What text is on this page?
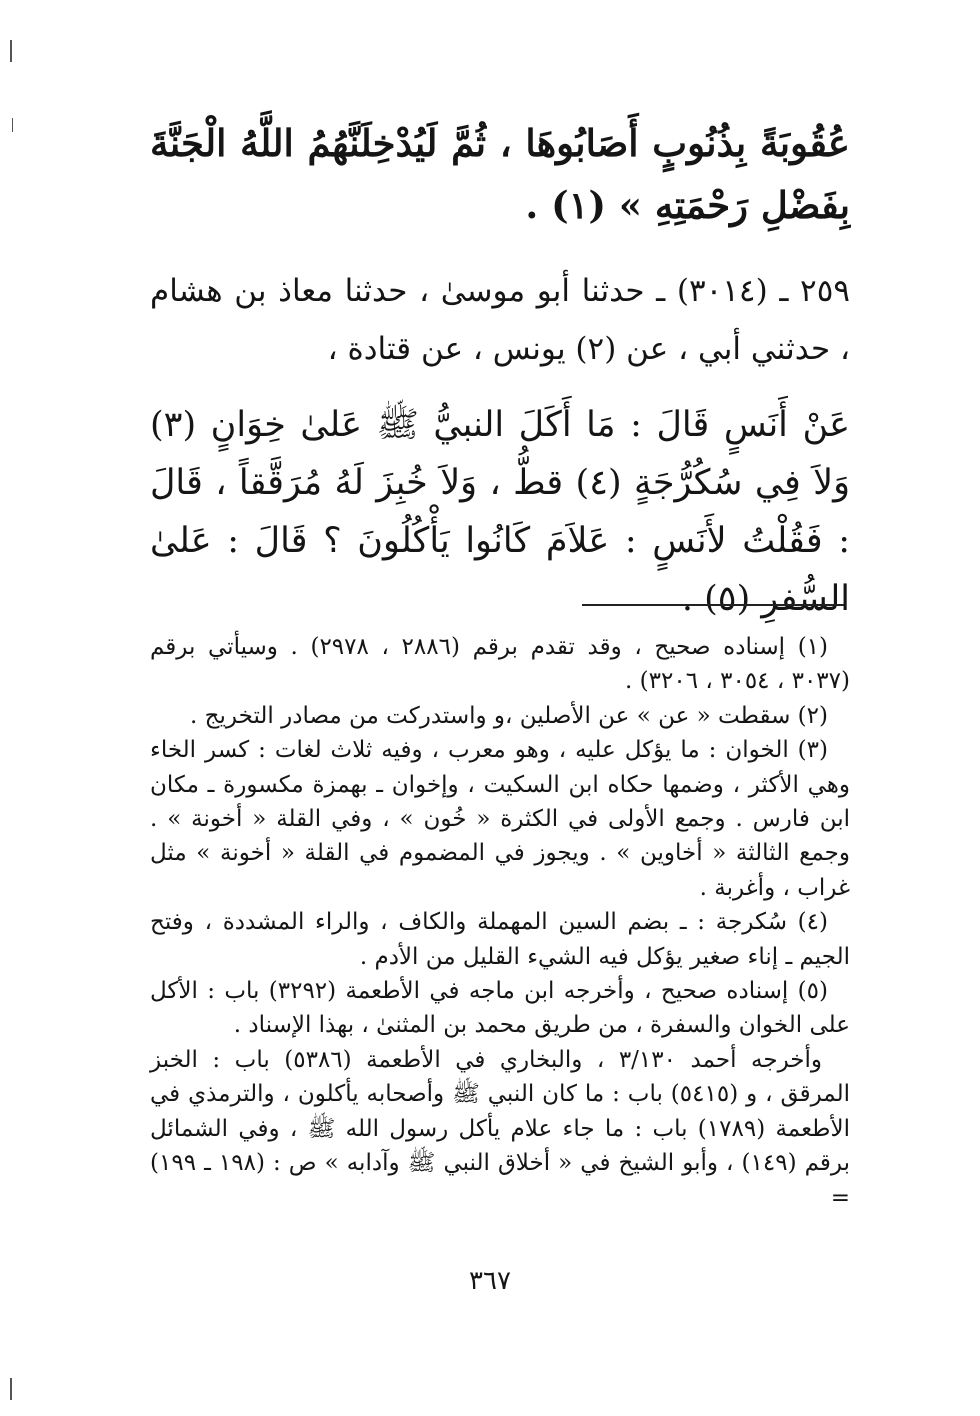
عُقُوبَةً بِذُنُوبٍ أَصَابُوهَا ، ثُمَّ لَيُدْخِلَنَّهُمُ اللَّهُ الْجَنَّةَ بِفَضْلِ رَحْمَتِهِ » (١) .
٢٥٩ ـ (٣٠١٤) ـ حدثنا أبو موسىٰ ، حدثنا معاذ بن هشام ، حدثني أبي ، عن (٢) يونس ، عن قتادة ،
عَنْ أَنَسٍ قَالَ : مَا أَكَلَ النبيُّ ﷺ عَلىٰ خِوَانٍ (٣) وَلاَ فِي سُكُرُّجَةٍ (٤) قطُّ ، وَلاَ خُبِزَ لَهُ مُرَقَّقاً ، قَالَ : فَقُلْتُ لأَنَسٍ : عَلاَمَ كَانُوا يَأْكُلُونَ ؟ قَالَ : عَلىٰ السُّفرِ (٥) .

(١) إسناده صحيح ، وقد تقدم برقم (٢٨٨٦ ، ٢٩٧٨) . وسيأتي برقم (٣٠٣٧ ، ٣٠٥٤ ، ٣٢٠٦) .

(٢) سقطت « عن » عن الأصلين ،و واستدركت من مصادر التخريج .

(٣) الخوان : ما يؤكل عليه ، وهو معرب ، وفيه ثلاث لغات : كسر الخاء وهي الأكثر ، وضمها حكاه ابن السكيت ، وإخوان ـ بهمزة مكسورة ـ مكان ابن فارس . وجمع الأولى في الكثرة « خُون » ، وفي القلة « أخونة » . وجمع الثالثة « أخاوين » . ويجوز في المضموم في القلة « أخونة » مثل غراب ، وأغربة .

(٤) سُكرجة : ـ بضم السين المهملة والكاف ، والراء المشددة ، وفتح الجيم ـ إناء صغير يؤكل فيه الشيء القليل من الأدم .

(٥) إسناده صحيح ، وأخرجه ابن ماجه في الأطعمة (٣٢٩٢) باب : الأكل على الخوان والسفرة ، من طريق محمد بن المثنىٰ ، بهذا الإسناد .

وأخرجه أحمد ٣/١٣٠ ، والبخاري في الأطعمة (٥٣٨٦) باب : الخبز المرقق ، و (٥٤١٥) باب : ما كان النبي ﷺ وأصحابه يأكلون ، والترمذي في الأطعمة (١٧٨٩) باب : ما جاء علام يأكل رسول الله ﷺ ، وفي الشمائل برقم (١٤٩) ، وأبو الشيخ في « أخلاق النبي ﷺ وآدابه » ص : (١٩٨ ـ ١٩٩) =

٣٦٧
